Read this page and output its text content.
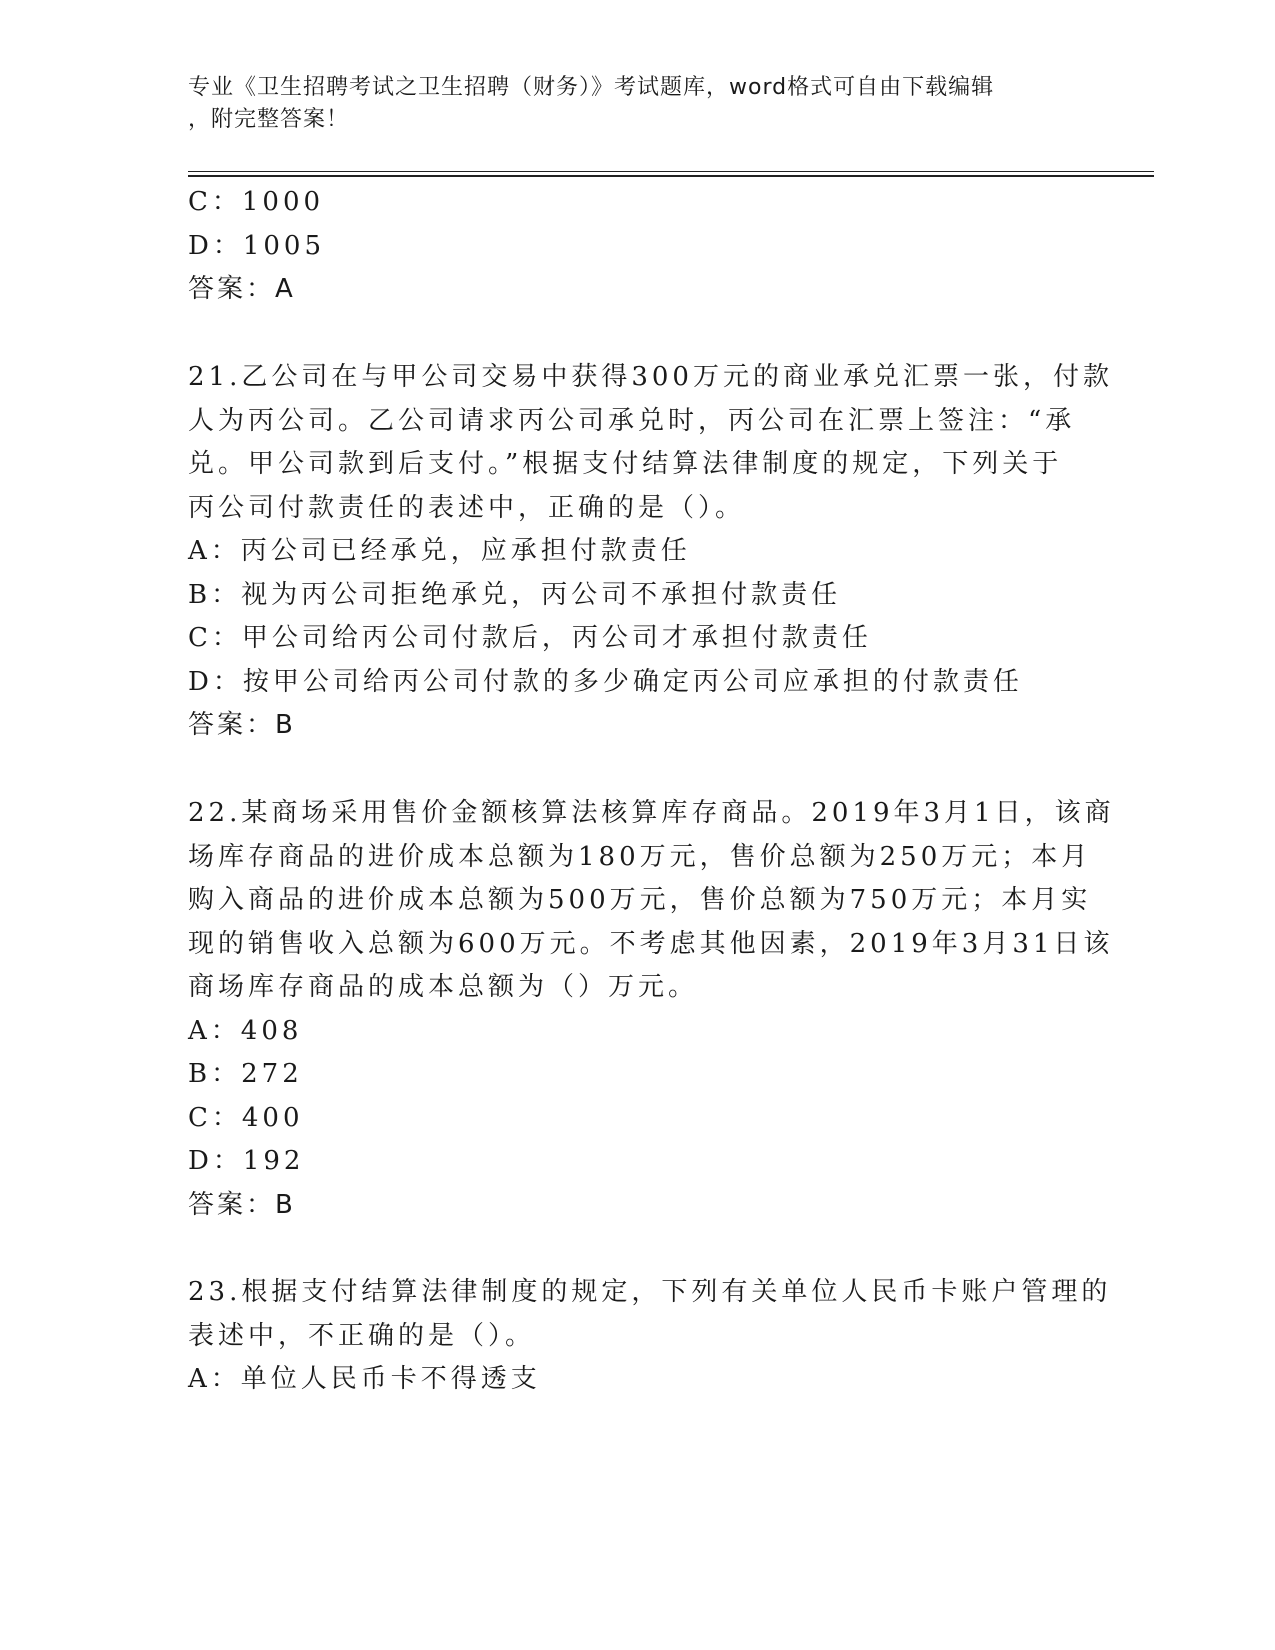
专业《卫生招聘考试之卫生招聘（财务）》考试题库，word格式可自由下载编辑
，附完整答案！
C：1000
D：1005
答案：A
21.乙公司在与甲公司交易中获得300万元的商业承兑汇票一张，付款
人为丙公司。乙公司请求丙公司承兑时，丙公司在汇票上签注：“承
兑。甲公司款到后支付。”根据支付结算法律制度的规定，下列关于
丙公司付款责任的表述中，正确的是（）。
A：丙公司已经承兑，应承担付款责任
B：视为丙公司拒绝承兑，丙公司不承担付款责任
C：甲公司给丙公司付款后，丙公司才承担付款责任
D：按甲公司给丙公司付款的多少确定丙公司应承担的付款责任
答案：B
22.某商场采用售价金额核算法核算库存商品。2019年3月1日，该商
场库存商品的进价成本总额为180万元，售价总额为250万元；本月
购入商品的进价成本总额为500万元，售价总额为750万元；本月实
现的销售收入总额为600万元。不考虑其他因素，2019年3月31日该
商场库存商品的成本总额为（）万元。
A：408
B：272
C：400
D：192
答案：B
23.根据支付结算法律制度的规定，下列有关单位人民币卡账户管理的
表述中，不正确的是（）。
A：单位人民币卡不得透支
